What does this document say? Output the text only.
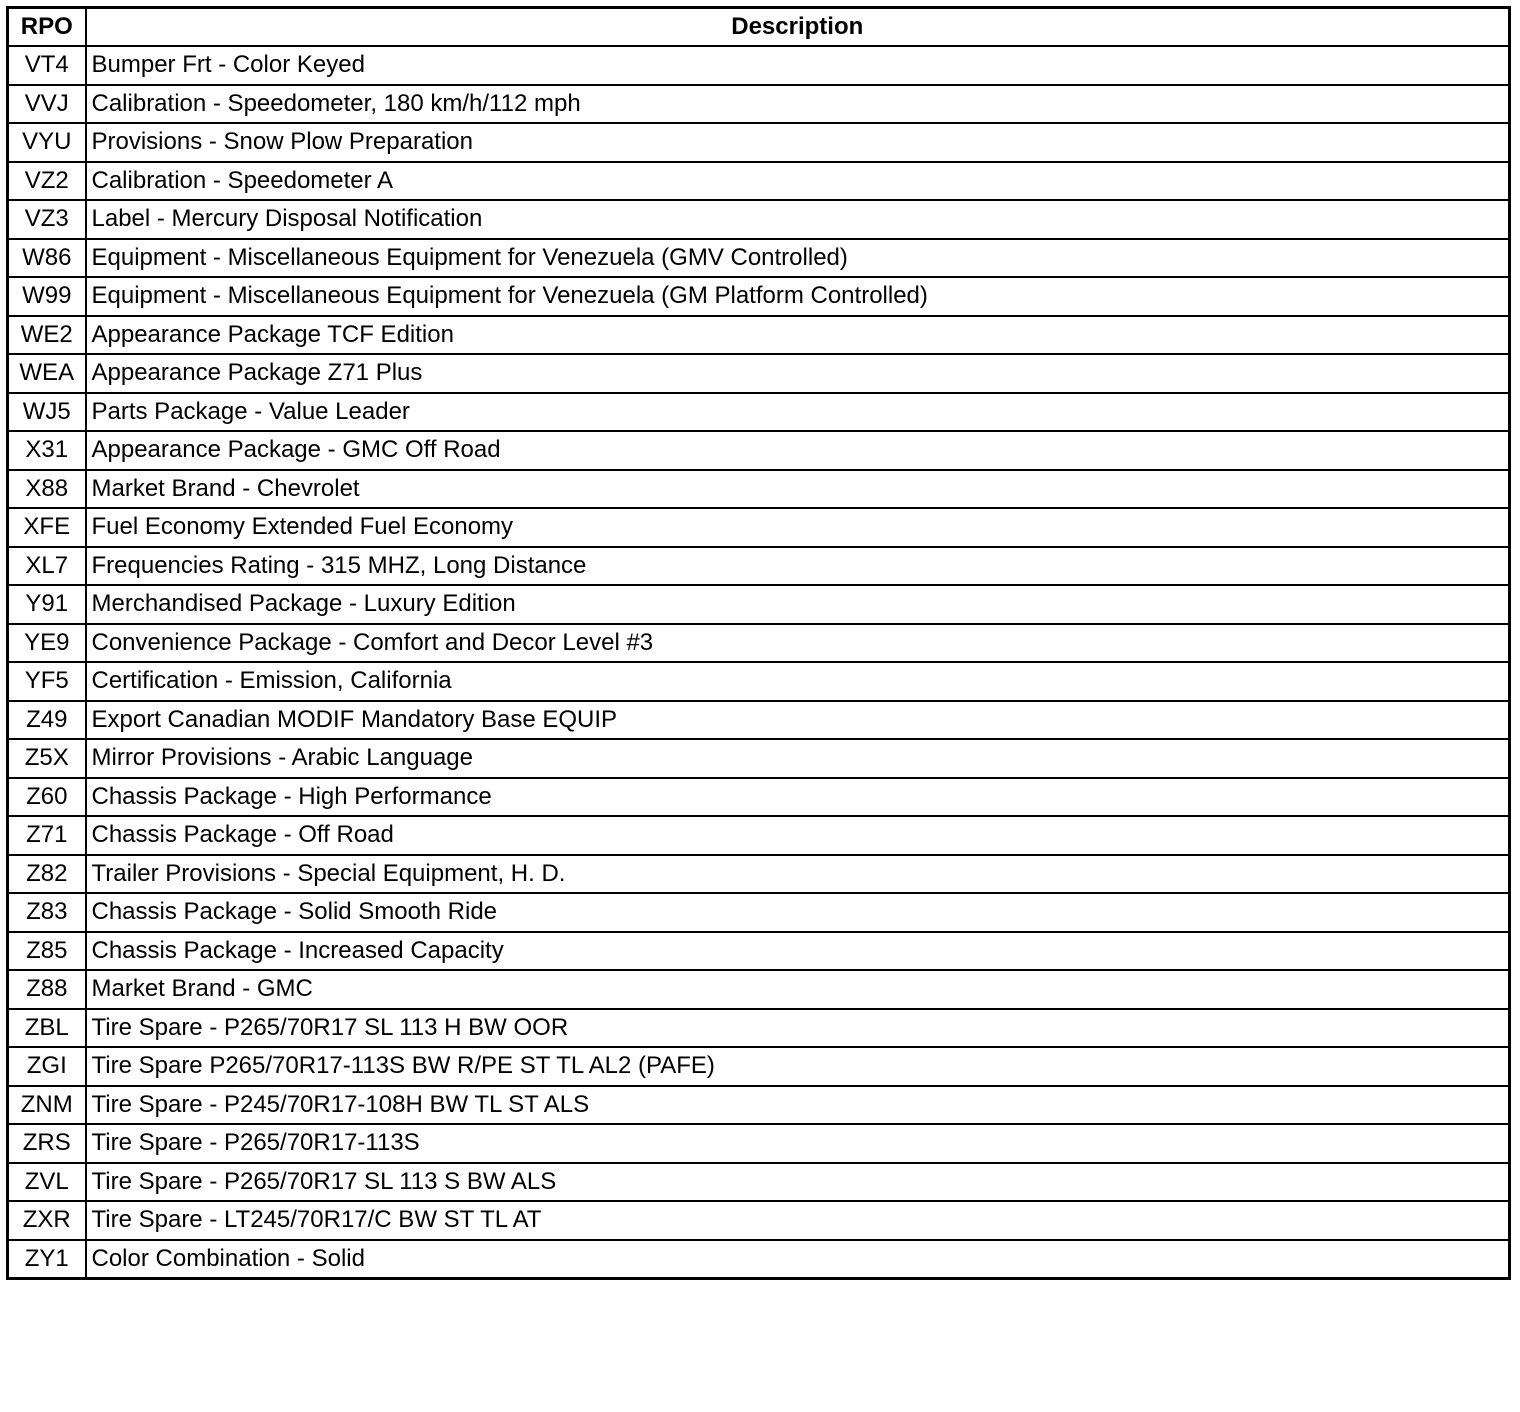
RPO	Description
VT4	Bumper Frt - Color Keyed
VVJ	Calibration - Speedometer, 180 km/h/112 mph
VYU	Provisions - Snow Plow Preparation
VZ2	Calibration - Speedometer A
VZ3	Label - Mercury Disposal Notification
W86	Equipment - Miscellaneous Equipment for Venezuela (GMV Controlled)
W99	Equipment - Miscellaneous Equipment for Venezuela (GM Platform Controlled)
WE2	Appearance Package TCF Edition
WEA	Appearance Package Z71 Plus
WJ5	Parts Package - Value Leader
X31	Appearance Package - GMC Off Road
X88	Market Brand - Chevrolet
XFE	Fuel Economy Extended Fuel Economy
XL7	Frequencies Rating - 315 MHZ, Long Distance
Y91	Merchandised Package - Luxury Edition
YE9	Convenience Package - Comfort and Decor Level #3
YF5	Certification - Emission, California
Z49	Export Canadian MODIF Mandatory Base EQUIP
Z5X	Mirror Provisions - Arabic Language
Z60	Chassis Package - High Performance
Z71	Chassis Package - Off Road
Z82	Trailer Provisions - Special Equipment, H. D.
Z83	Chassis Package - Solid Smooth Ride
Z85	Chassis Package - Increased Capacity
Z88	Market Brand - GMC
ZBL	Tire Spare - P265/70R17 SL 113 H BW OOR
ZGI	Tire Spare P265/70R17-113S BW R/PE ST TL AL2 (PAFE)
ZNM	Tire Spare - P245/70R17-108H BW TL ST ALS
ZRS	Tire Spare - P265/70R17-113S
ZVL	Tire Spare - P265/70R17 SL 113 S BW ALS
ZXR	Tire Spare - LT245/70R17/C BW ST TL AT
ZY1	Color Combination - Solid
